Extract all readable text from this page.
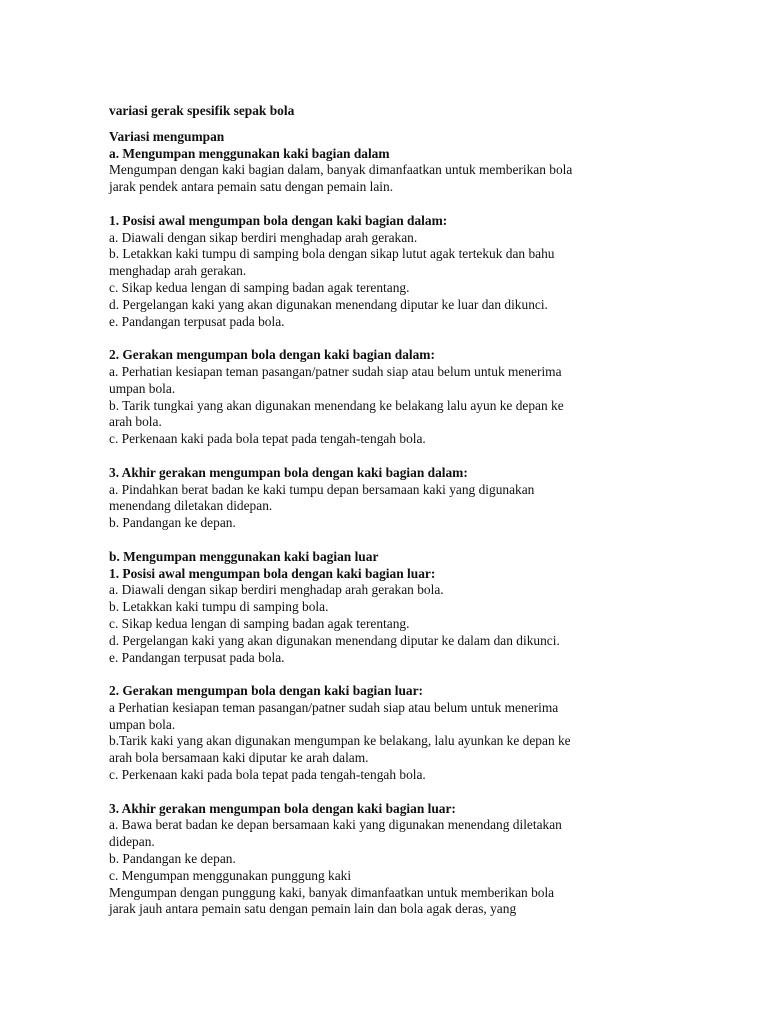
variasi gerak spesifik sepak bola
Variasi mengumpan
a. Mengumpan menggunakan kaki bagian dalam
Mengumpan dengan kaki bagian dalam, banyak dimanfaatkan untuk memberikan bola
jarak pendek antara pemain satu dengan pemain lain.
1. Posisi awal mengumpan bola dengan kaki bagian dalam:
a. Diawali dengan sikap berdiri menghadap arah gerakan.
b. Letakkan kaki tumpu di samping bola dengan sikap lutut agak tertekuk dan bahu
menghadap arah gerakan.
c. Sikap kedua lengan di samping badan agak terentang.
d. Pergelangan kaki yang akan digunakan menendang diputar ke luar dan dikunci.
e. Pandangan terpusat pada bola.
2. Gerakan mengumpan bola dengan kaki bagian dalam:
a. Perhatian kesiapan teman pasangan/patner sudah siap atau belum untuk menerima
umpan bola.
b. Tarik tungkai yang akan digunakan menendang ke belakang lalu ayun ke depan ke
arah bola.
c. Perkenaan kaki pada bola tepat pada tengah-tengah bola.
3. Akhir gerakan mengumpan bola dengan kaki bagian dalam:
a. Pindahkan berat badan ke kaki tumpu depan bersamaan kaki yang digunakan
menendang diletakan didepan.
b. Pandangan ke depan.
b. Mengumpan menggunakan kaki bagian luar
1. Posisi awal mengumpan bola dengan kaki bagian luar:
a. Diawali dengan sikap berdiri menghadap arah gerakan bola.
b. Letakkan kaki tumpu di samping bola.
c. Sikap kedua lengan di samping badan agak terentang.
d. Pergelangan kaki yang akan digunakan menendang diputar ke dalam dan dikunci.
e. Pandangan terpusat pada bola.
2. Gerakan mengumpan bola dengan kaki bagian luar:
a Perhatian kesiapan teman pasangan/patner sudah siap atau belum untuk menerima
umpan bola.
b.Tarik kaki yang akan digunakan mengumpan ke belakang, lalu ayunkan ke depan ke
arah bola bersamaan kaki diputar ke arah dalam.
c. Perkenaan kaki pada bola tepat pada tengah-tengah bola.
3. Akhir gerakan mengumpan bola dengan kaki bagian luar:
a. Bawa berat badan ke depan bersamaan kaki yang digunakan menendang diletakan
didepan.
b. Pandangan ke depan.
c. Mengumpan menggunakan punggung kaki
Mengumpan dengan punggung kaki, banyak dimanfaatkan untuk memberikan bola
jarak jauh antara pemain satu dengan pemain lain dan bola agak deras, yang
